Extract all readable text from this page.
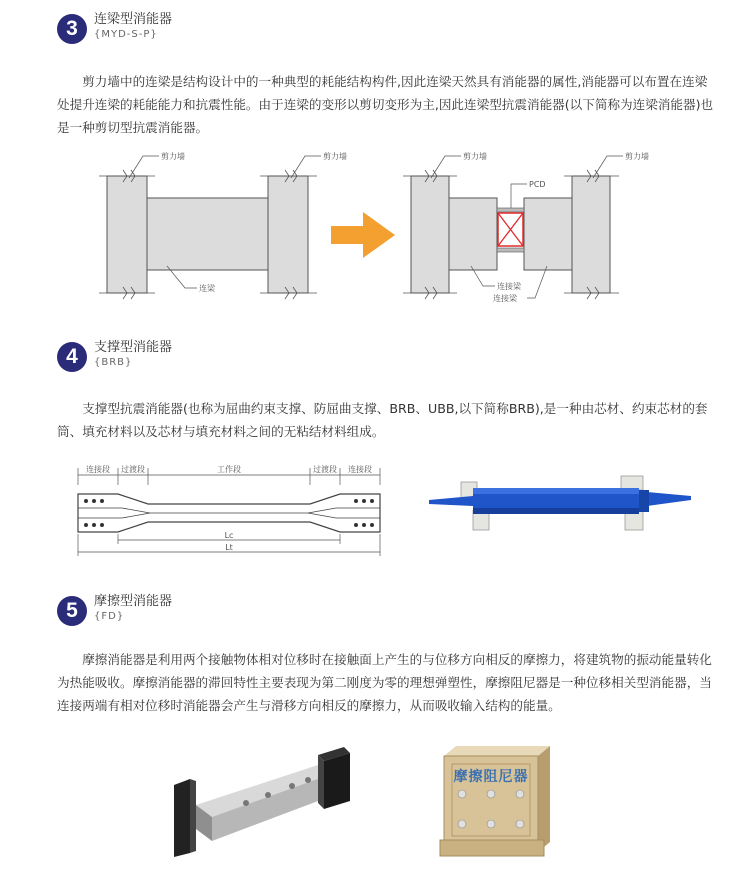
3	连梁型消能器
{MYD-S-P}
剪力墙中的连梁是结构设计中的一种典型的耗能结构构件,因此连梁天然具有消能器的属性,消能器可以布置在连梁处提升连梁的耗能能力和抗震性能。由于连梁的变形以剪切变形为主,因此连梁型抗震消能器(以下简称为连梁消能器)也是一种剪切型抗震消能器。
剪力墙	剪力墙
连梁
剪力墙	剪力墙
PCD
连接梁
连接梁
4	支撑型消能器
{BRB}
支撑型抗震消能器(也称为屈曲约束支撑、防屈曲支撑、BRB、UBB,以下简称BRB),是一种由芯材、约束芯材的套筒、填充材料以及芯材与填充材料之间的无粘结材料组成。
连接段 过渡段	工作段	过渡段 连接段
Lc
Lt
5	摩擦型消能器
{FD}
摩擦消能器是利用两个接触物体相对位移时在接触面上产生的与位移方向相反的摩擦力，将建筑物的振动能量转化为热能吸收。摩擦消能器的滞回特性主要表现为第二刚度为零的理想弹塑性，摩擦阻尼器是一种位移相关型消能器，当连接两端有相对位移时消能器会产生与滑移方向相反的摩擦力，从而吸收输入结构的能量。
摩擦阻尼器
